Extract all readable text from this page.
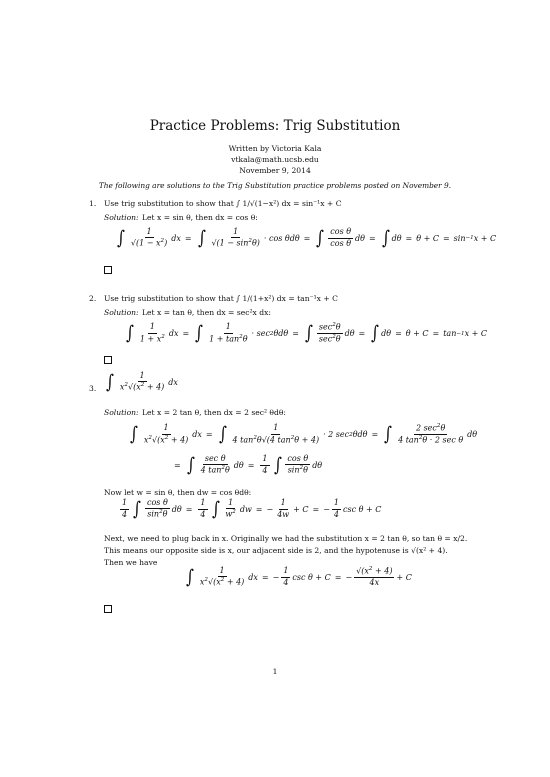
Practice Problems: Trig Substitution
Written by Victoria Kala
vtkala@math.ucsb.edu
November 9, 2014
The following are solutions to the Trig Substitution practice problems posted on November 9.
1. Use trig substitution to show that ∫ 1/√(1−x²) dx = sin⁻¹x + C
Solution: Let x = sin θ, then dx = cos θ:
∫ $\frac{1}{√(1 - x^2)}$ dx = ∫ $\frac{1}{√(1 - \sin^2\theta)} \cdot \cos \theta d\theta$ = ∫ $\frac{\text{cos θ}}{\text{cos θ}}$ dθ = ∫ dθ = θ + C = sin −1 x + C
2. Use trig substitution to show that ∫ 1/(1+x²) dx = tan⁻¹x + C
Solution: Let x = tan θ, then dx = sec²x dx:
∫ $\frac{1}{1 + x^2}$ dx = ∫ $\frac{1}{1 + \tan^2\theta} \cdot \sec 2$ θdθ = ∫ $\frac{\sec^2\theta}{\sec^2\theta}$ dθ = ∫ dθ = θ + C = tan −1 x + C
3. ∫ $\frac{1}{x^2√(x^2 + 4)}$ dx
Solution: Let x = 2 tan θ, then dx = 2 sec² θdθ:
∫ $\frac{1}{x^2√(x^2 + 4)}$ dx = ∫ $\frac{1}{4 \tan^2\theta√(4 \tan^2\theta + 4)} \cdot 2$ sec 2 θdθ = ∫ $\frac{2 \sec^2\theta}{4 \tan^2\theta \cdot 2 \sec \theta}$ dθ
= ∫ $\frac{\text{sec θ}}{4 \tan^2\theta}$ $d\theta = \frac{1}{4}$ ∫ $\frac{\text{cos θ}}{\sin^2\theta}$ dθ
Now let w = sin θ, then dw = cos θdθ:
$\frac{1}{4}$ ∫ $\frac{\text{cos θ}}{\sin^2\theta}$ $d\theta = \frac{1}{4}$ ∫ $\frac{1}{w^2}$ dw = − $\frac{1}{4w} + C$ = − $\frac{1}{4}$ csc θ + C
Next, we need to plug back in x. Originally we had the substitution x = 2 tan θ, so tan θ = x/2.
This means our opposite side is x, our adjacent side is 2, and the hypotenuse is √(x² + 4).
Then we have
∫ $\frac{1}{x^2√(x^2 + 4)}$ dx = − $\frac{1}{4}$ csc θ + C = − $\frac{√(x^2 + 4)}{4x} + C$
1
